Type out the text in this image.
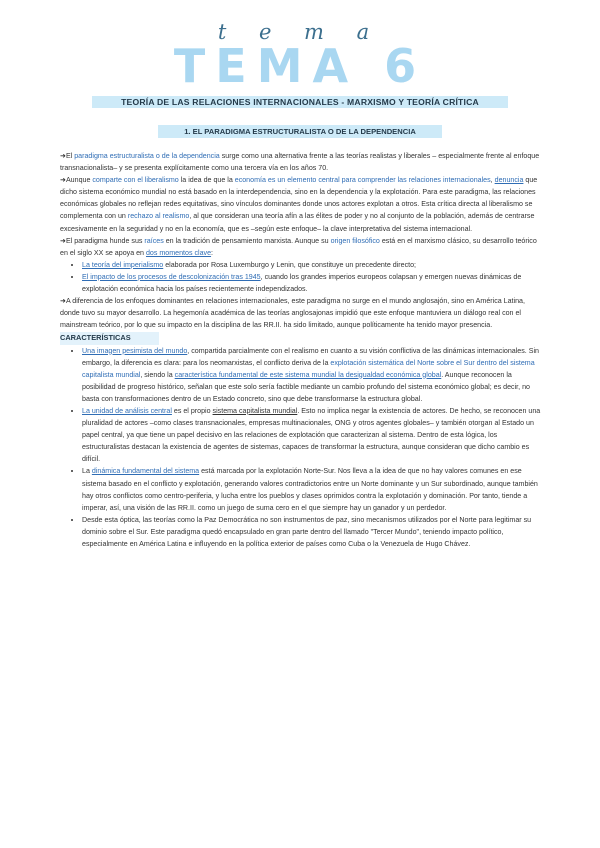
TEMA 6
t e m a
TEORÍA DE LAS RELACIONES INTERNACIONALES - MARXISMO Y TEORÍA CRÍTICA
1. EL PARADIGMA ESTRUCTURALISTA O DE LA DEPENDENCIA

➜El paradigma estructuralista o de la dependencia surge como una alternativa frente a las teorías realistas y liberales – especialmente frente al enfoque transnacionalista– y se presenta explícitamente como una tercera vía en los años 70.

➜Aunque comparte con el liberalismo la idea de que la economía es un elemento central para comprender las relaciones internacionales, denuncia que dicho sistema económico mundial no está basado en la interdependencia, sino en la dependencia y la explotación. Para este paradigma, las relaciones económicas globales no reflejan redes equitativas, sino vínculos dominantes donde unos actores explotan a otros. Esta crítica directa al liberalismo se complementa con un rechazo al realismo, al que consideran una teoría afín a las élites de poder y no al conjunto de la población, además de centrarse excesivamente en la seguridad y no en la economía, que es –según este enfoque– la clave interpretativa del sistema internacional.

➜El paradigma hunde sus raíces en la tradición de pensamiento marxista. Aunque su origen filosófico está en el marxismo clásico, su desarrollo teórico en el siglo XX se apoya en dos momentos clave:

• La teoría del imperialismo elaborada por Rosa Luxemburgo y Lenin, que constituye un precedente directo;
• El impacto de los procesos de descolonización tras 1945, cuando los grandes imperios europeos colapsan y emergen nuevas dinámicas de explotación económica hacia los países recientemente independizados.

➜A diferencia de los enfoques dominantes en relaciones internacionales, este paradigma no surge en el mundo anglosajón, sino en América Latina, donde tuvo su mayor desarrollo. La hegemonía académica de las teorías anglosajonas impidió que este enfoque mantuviera un diálogo real con el mainstream teórico, por lo que su impacto en la disciplina de las RR.II. ha sido limitado, aunque políticamente ha tenido mayor presencia.

CARACTERÍSTICAS
• Una imagen pesimista del mundo, compartida parcialmente con el realismo en cuanto a su visión conflictiva de las dinámicas internacionales. Sin embargo, la diferencia es clara: para los neomarxistas, el conflicto deriva de la explotación sistemática del Norte sobre el Sur dentro del sistema capitalista mundial, siendo la característica fundamental de este sistema mundial la desigualdad económica global. Aunque reconocen la posibilidad de progreso histórico, señalan que este solo sería factible mediante un cambio profundo del sistema económico global; es decir, no basta con transformaciones dentro de un Estado concreto, sino que debe transformarse la estructura global.
• La unidad de análisis central es el propio sistema capitalista mundial. Esto no implica negar la existencia de actores. De hecho, se reconocen una pluralidad de actores –como clases transnacionales, empresas multinacionales, ONG y otros agentes globales– y también otorgan al Estado un papel central, ya que tiene un papel decisivo en las relaciones de explotación que caracterizan al sistema. Dentro de esta lógica, los estructuralistas destacan la existencia de agentes de sistemas, capaces de transformar la estructura, aunque consideran que dicho cambio es difícil.
• La dinámica fundamental del sistema está marcada por la explotación Norte-Sur. Nos lleva a la idea de que no hay valores comunes en ese sistema basado en el conflicto y explotación, generando valores contradictorios entre un Norte dominante y un Sur subordinado, aunque también hay otros conflictos como centro-periferia, y lucha entre los pueblos y clases oprimidos contra la explotación y dominación. Por tanto, tiende a imperar, así, una visión de las RR.II. como un juego de suma cero en el que siempre hay un ganador y un perdedor.
• Desde esta óptica, las teorías como la Paz Democrática no son instrumentos de paz, sino mecanismos utilizados por el Norte para legitimar su dominio sobre el Sur. Este paradigma quedó encapsulado en gran parte dentro del llamado "Tercer Mundo", teniendo impacto político, especialmente en América Latina e influyendo en la política exterior de países como Cuba o la Venezuela de Hugo Chávez.
